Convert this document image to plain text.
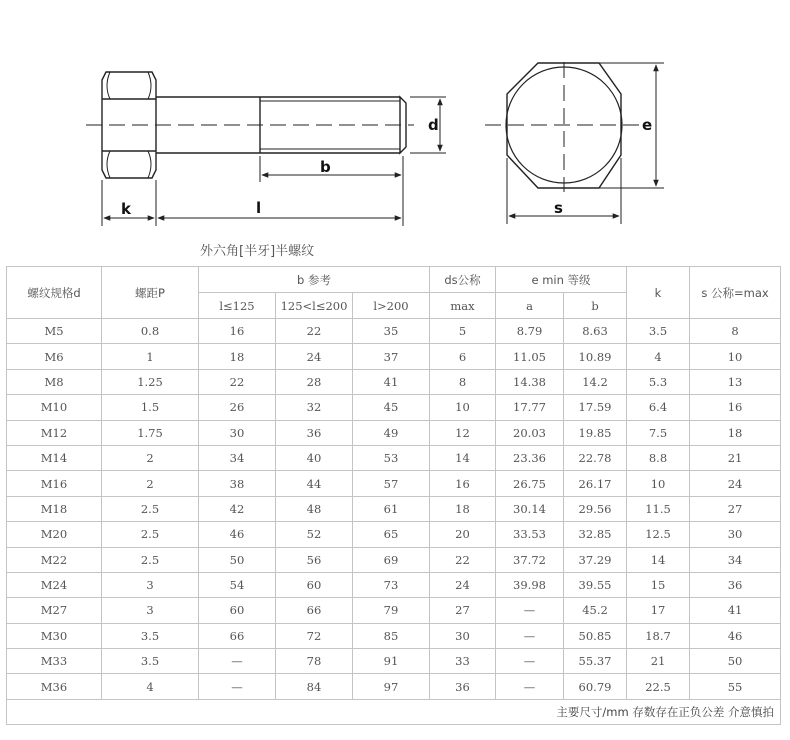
k	l
b
d	e
s
外六角[半牙]半螺纹
螺纹规格d	螺距P	b 参考			ds公称	e min 等级		k	s 公称=max
		l≤125	125<l≤200	l>200	max	a	b		
M5	0.8	16	22	35	5	8.79	8.63	3.5	8
M6	1	18	24	37	6	11.05	10.89	4	10
M8	1.25	22	28	41	8	14.38	14.2	5.3	13
M10	1.5	26	32	45	10	17.77	17.59	6.4	16
M12	1.75	30	36	49	12	20.03	19.85	7.5	18
M14	2	34	40	53	14	23.36	22.78	8.8	21
M16	2	38	44	57	16	26.75	26.17	10	24
M18	2.5	42	48	61	18	30.14	29.56	11.5	27
M20	2.5	46	52	65	20	33.53	32.85	12.5	30
M22	2.5	50	56	69	22	37.72	37.29	14	34
M24	3	54	60	73	24	39.98	39.55	15	36
M27	3	60	66	79	27	—	45.2	17	41
M30	3.5	66	72	85	30	—	50.85	18.7	46
M33	3.5	—	78	91	33	—	55.37	21	50
M36	4	—	84	97	36	—	60.79	22.5	55
主要尺寸/mm 存数存在正负公差 介意慎拍									
